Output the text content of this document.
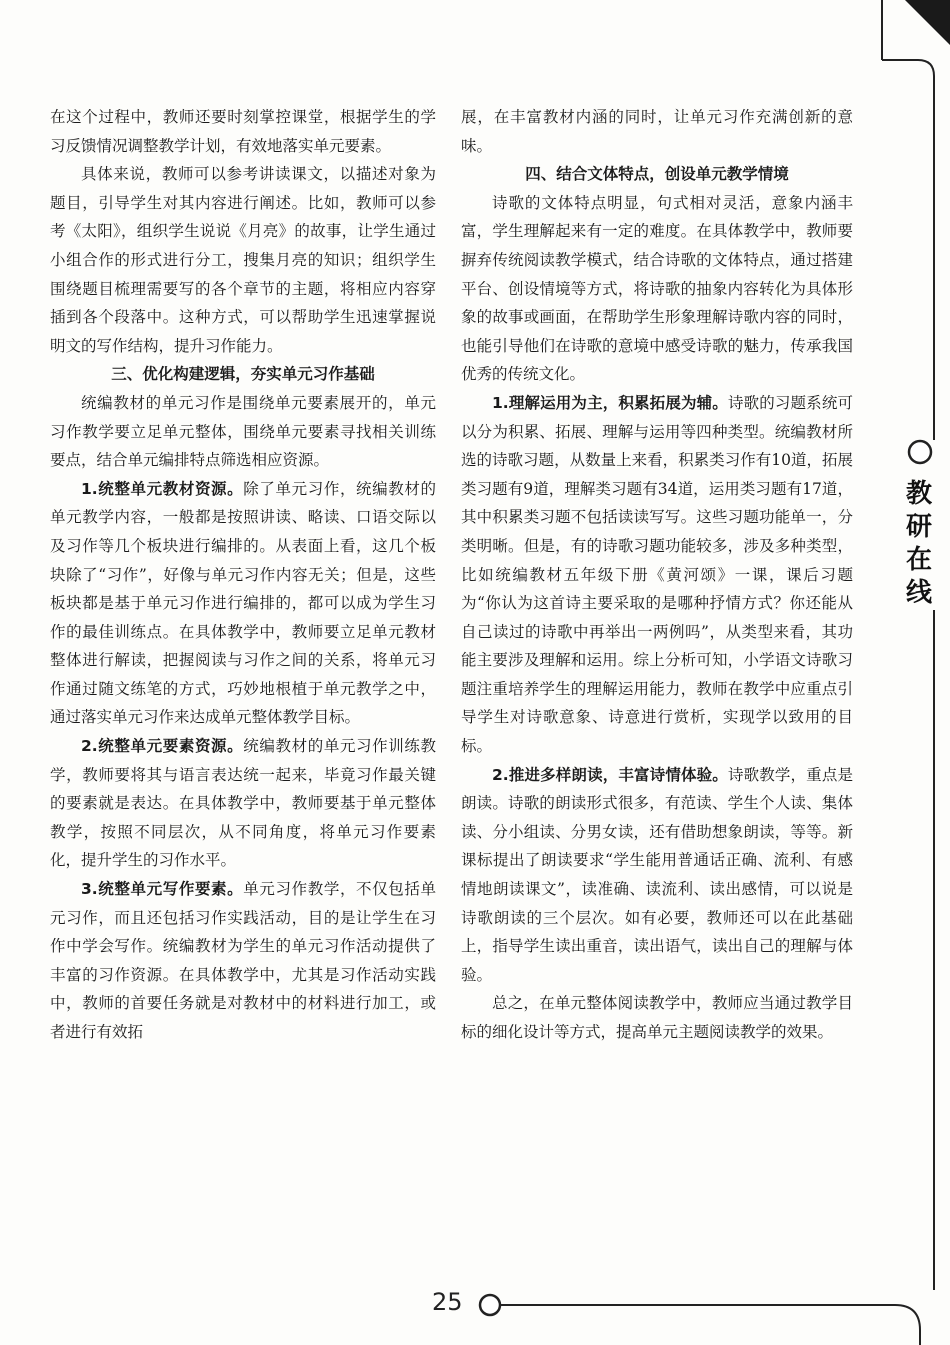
教
研
在
线

在这个过程中，教师还要时刻掌控课堂，根据学生的学习反馈情况调整教学计划，有效地落实单元要素。

具体来说，教师可以参考讲读课文，以描述对象为题目，引导学生对其内容进行阐述。比如，教师可以参考《太阳》，组织学生说说《月亮》的故事，让学生通过小组合作的形式进行分工，搜集月亮的知识；组织学生围绕题目梳理需要写的各个章节的主题，将相应内容穿插到各个段落中。这种方式，可以帮助学生迅速掌握说明文的写作结构，提升习作能力。

三、优化构建逻辑，夯实单元习作基础

统编教材的单元习作是围绕单元要素展开的，单元习作教学要立足单元整体，围绕单元要素寻找相关训练要点，结合单元编排特点筛选相应资源。

1.统整单元教材资源。除了单元习作，统编教材的单元教学内容，一般都是按照讲读、略读、口语交际以及习作等几个板块进行编排的。从表面上看，这几个板块除了“习作”，好像与单元习作内容无关；但是，这些板块都是基于单元习作进行编排的，都可以成为学生习作的最佳训练点。在具体教学中，教师要立足单元教材整体进行解读，把握阅读与习作之间的关系，将单元习作通过随文练笔的方式，巧妙地根植于单元教学之中，通过落实单元习作来达成单元整体教学目标。

2.统整单元要素资源。统编教材的单元习作训练教学，教师要将其与语言表达统一起来，毕竟习作最关键的要素就是表达。在具体教学中，教师要基于单元整体教学，按照不同层次，从不同角度，将单元习作要素化，提升学生的习作水平。

3.统整单元写作要素。单元习作教学，不仅包括单元习作，而且还包括习作实践活动，目的是让学生在习作中学会写作。统编教材为学生的单元习作活动提供了丰富的习作资源。在具体教学中，尤其是习作活动实践中，教师的首要任务就是对教材中的材料进行加工，或者进行有效拓

展，在丰富教材内涵的同时，让单元习作充满创新的意味。

四、结合文体特点，创设单元教学情境

诗歌的文体特点明显，句式相对灵活，意象内涵丰富，学生理解起来有一定的难度。在具体教学中，教师要摒弃传统阅读教学模式，结合诗歌的文体特点，通过搭建平台、创设情境等方式，将诗歌的抽象内容转化为具体形象的故事或画面，在帮助学生形象理解诗歌内容的同时，也能引导他们在诗歌的意境中感受诗歌的魅力，传承我国优秀的传统文化。

1.理解运用为主，积累拓展为辅。诗歌的习题系统可以分为积累、拓展、理解与运用等四种类型。统编教材所选的诗歌习题，从数量上来看，积累类习作有10道，拓展类习题有9道，理解类习题有34道，运用类习题有17道，其中积累类习题不包括读读写写。这些习题功能单一，分类明晰。但是，有的诗歌习题功能较多，涉及多种类型，比如统编教材五年级下册《黄河颂》一课，课后习题为“你认为这首诗主要采取的是哪种抒情方式？你还能从自己读过的诗歌中再举出一两例吗”，从类型来看，其功能主要涉及理解和运用。综上分析可知，小学语文诗歌习题注重培养学生的理解运用能力，教师在教学中应重点引导学生对诗歌意象、诗意进行赏析，实现学以致用的目标。

2.推进多样朗读，丰富诗情体验。诗歌教学，重点是朗读。诗歌的朗读形式很多，有范读、学生个人读、集体读、分小组读、分男女读，还有借助想象朗读，等等。新课标提出了朗读要求“学生能用普通话正确、流利、有感情地朗读课文”，读准确、读流利、读出感情，可以说是诗歌朗读的三个层次。如有必要，教师还可以在此基础上，指导学生读出重音，读出语气，读出自己的理解与体验。

总之，在单元整体阅读教学中，教师应当通过教学目标的细化设计等方式，提高单元主题阅读教学的效果。

25
